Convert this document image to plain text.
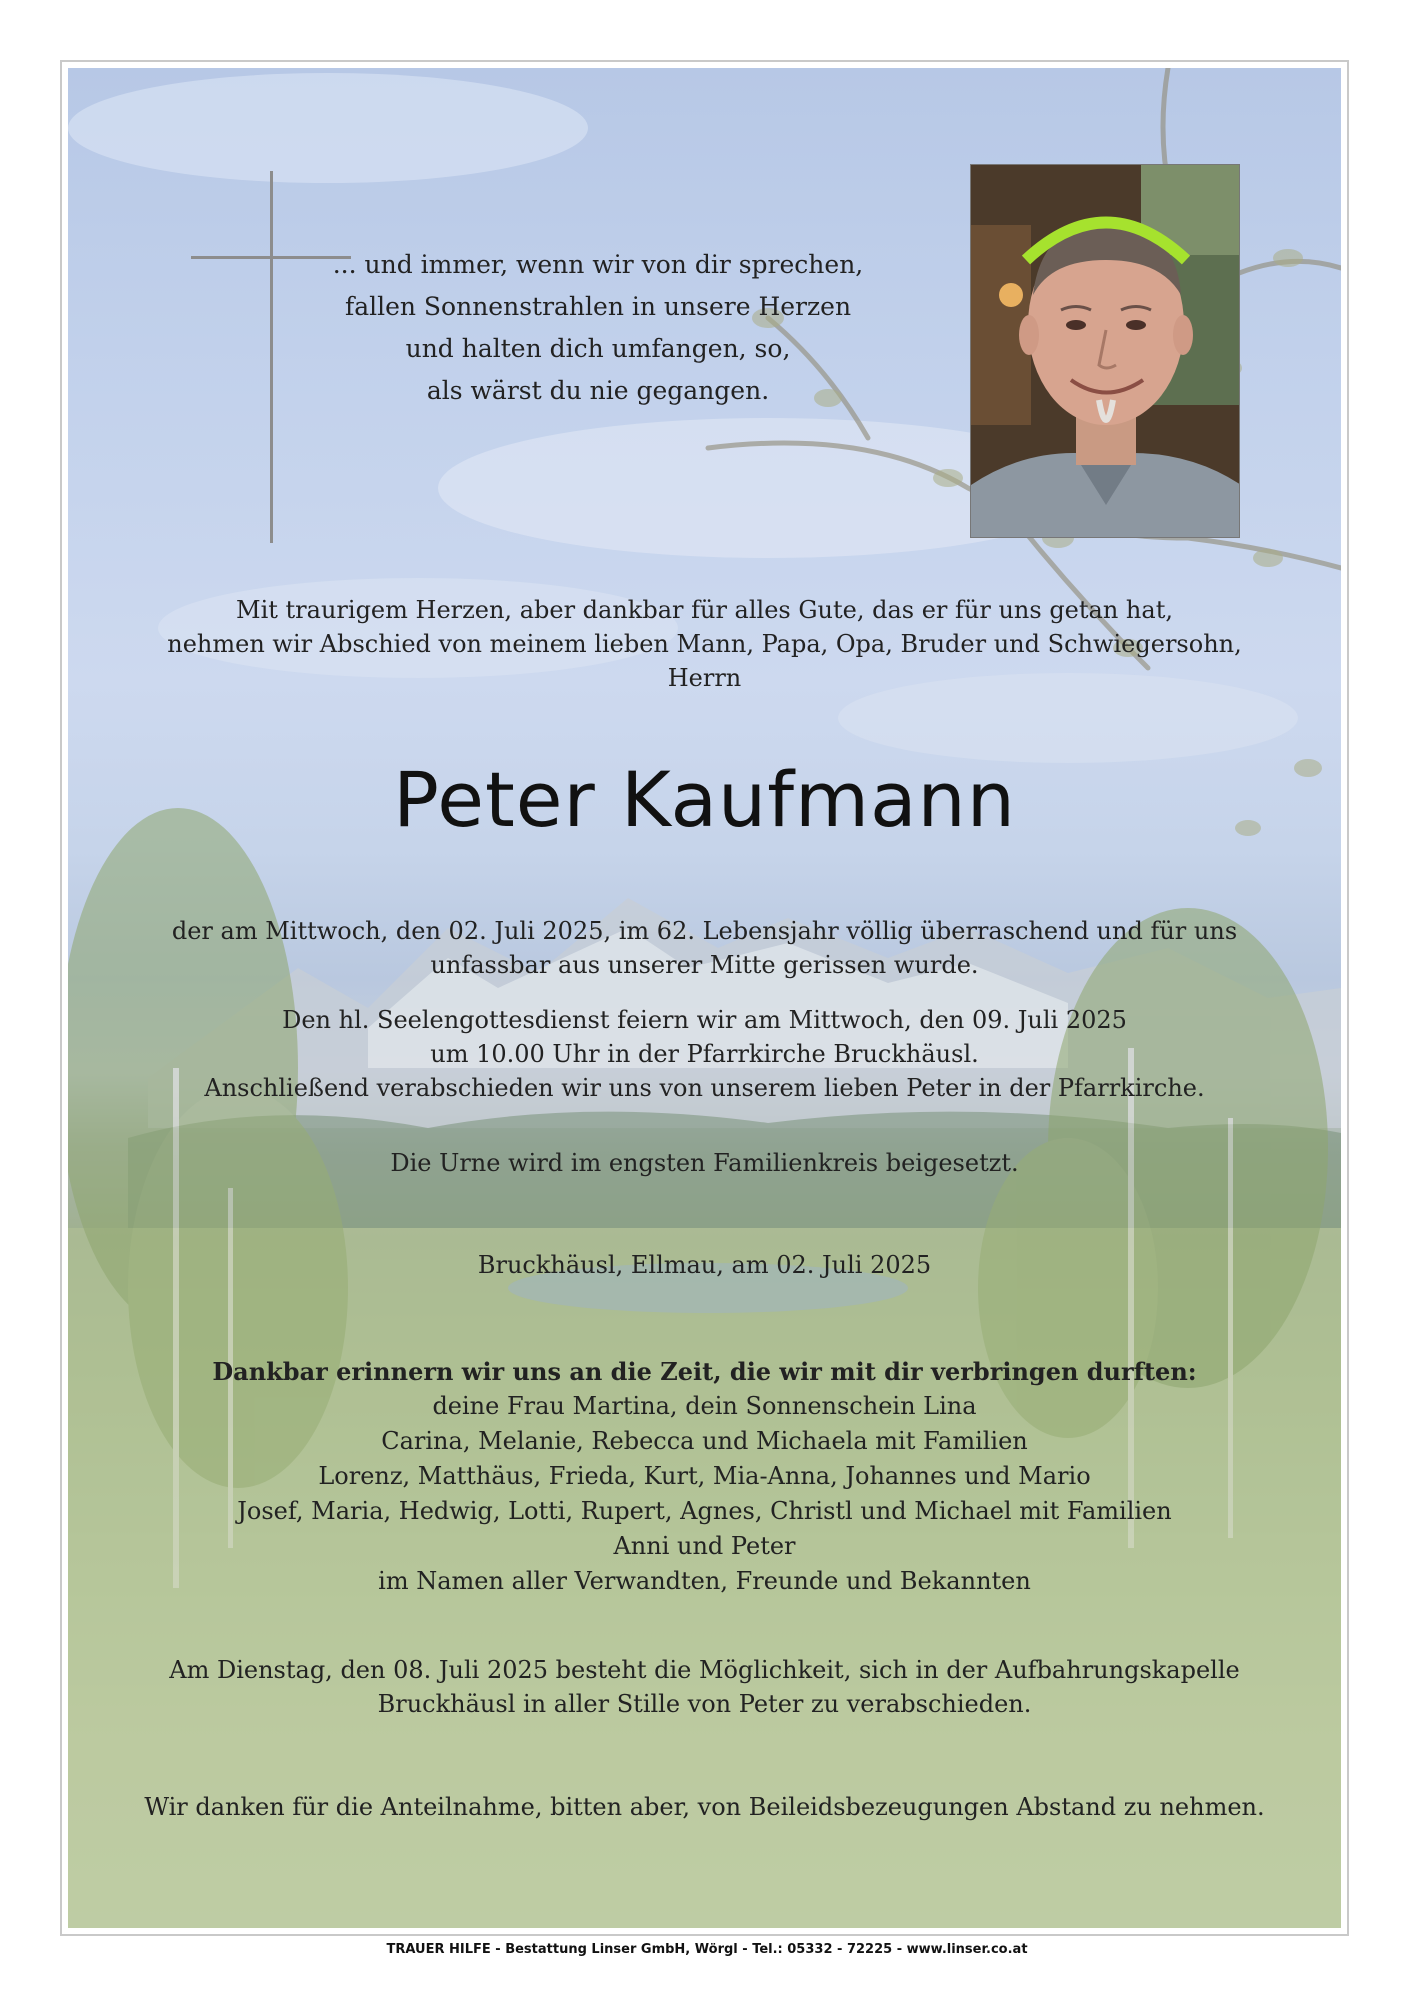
... und immer, wenn wir von dir sprechen,
fallen Sonnenstrahlen in unsere Herzen
und halten dich umfangen, so,
als wärst du nie gegangen.
Mit traurigem Herzen, aber dankbar für alles Gute, das er für uns getan hat,
nehmen wir Abschied von meinem lieben Mann, Papa, Opa, Bruder und Schwiegersohn,
Herrn
Peter Kaufmann
der am Mittwoch, den 02. Juli 2025, im 62. Lebensjahr völlig überraschend und für uns
unfassbar aus unserer Mitte gerissen wurde.
Den hl. Seelengottesdienst feiern wir am Mittwoch, den 09. Juli 2025
um 10.00 Uhr in der Pfarrkirche Bruckhäusl.
Anschließend verabschieden wir uns von unserem lieben Peter in der Pfarrkirche.
Die Urne wird im engsten Familienkreis beigesetzt.
Bruckhäusl, Ellmau, am 02. Juli 2025
Dankbar erinnern wir uns an die Zeit, die wir mit dir verbringen durften:
deine Frau Martina, dein Sonnenschein Lina
Carina, Melanie, Rebecca und Michaela mit Familien
Lorenz, Matthäus, Frieda, Kurt, Mia-Anna, Johannes und Mario
Josef, Maria, Hedwig, Lotti, Rupert, Agnes, Christl und Michael mit Familien
Anni und Peter
im Namen aller Verwandten, Freunde und Bekannten
Am Dienstag, den 08. Juli 2025 besteht die Möglichkeit, sich in der Aufbahrungskapelle
Bruckhäusl in aller Stille von Peter zu verabschieden.
Wir danken für die Anteilnahme, bitten aber, von Beileidsbezeugungen Abstand zu nehmen.
TRAUER HILFE - Bestattung Linser GmbH, Wörgl - Tel.: 05332 - 72225 - www.linser.co.at
